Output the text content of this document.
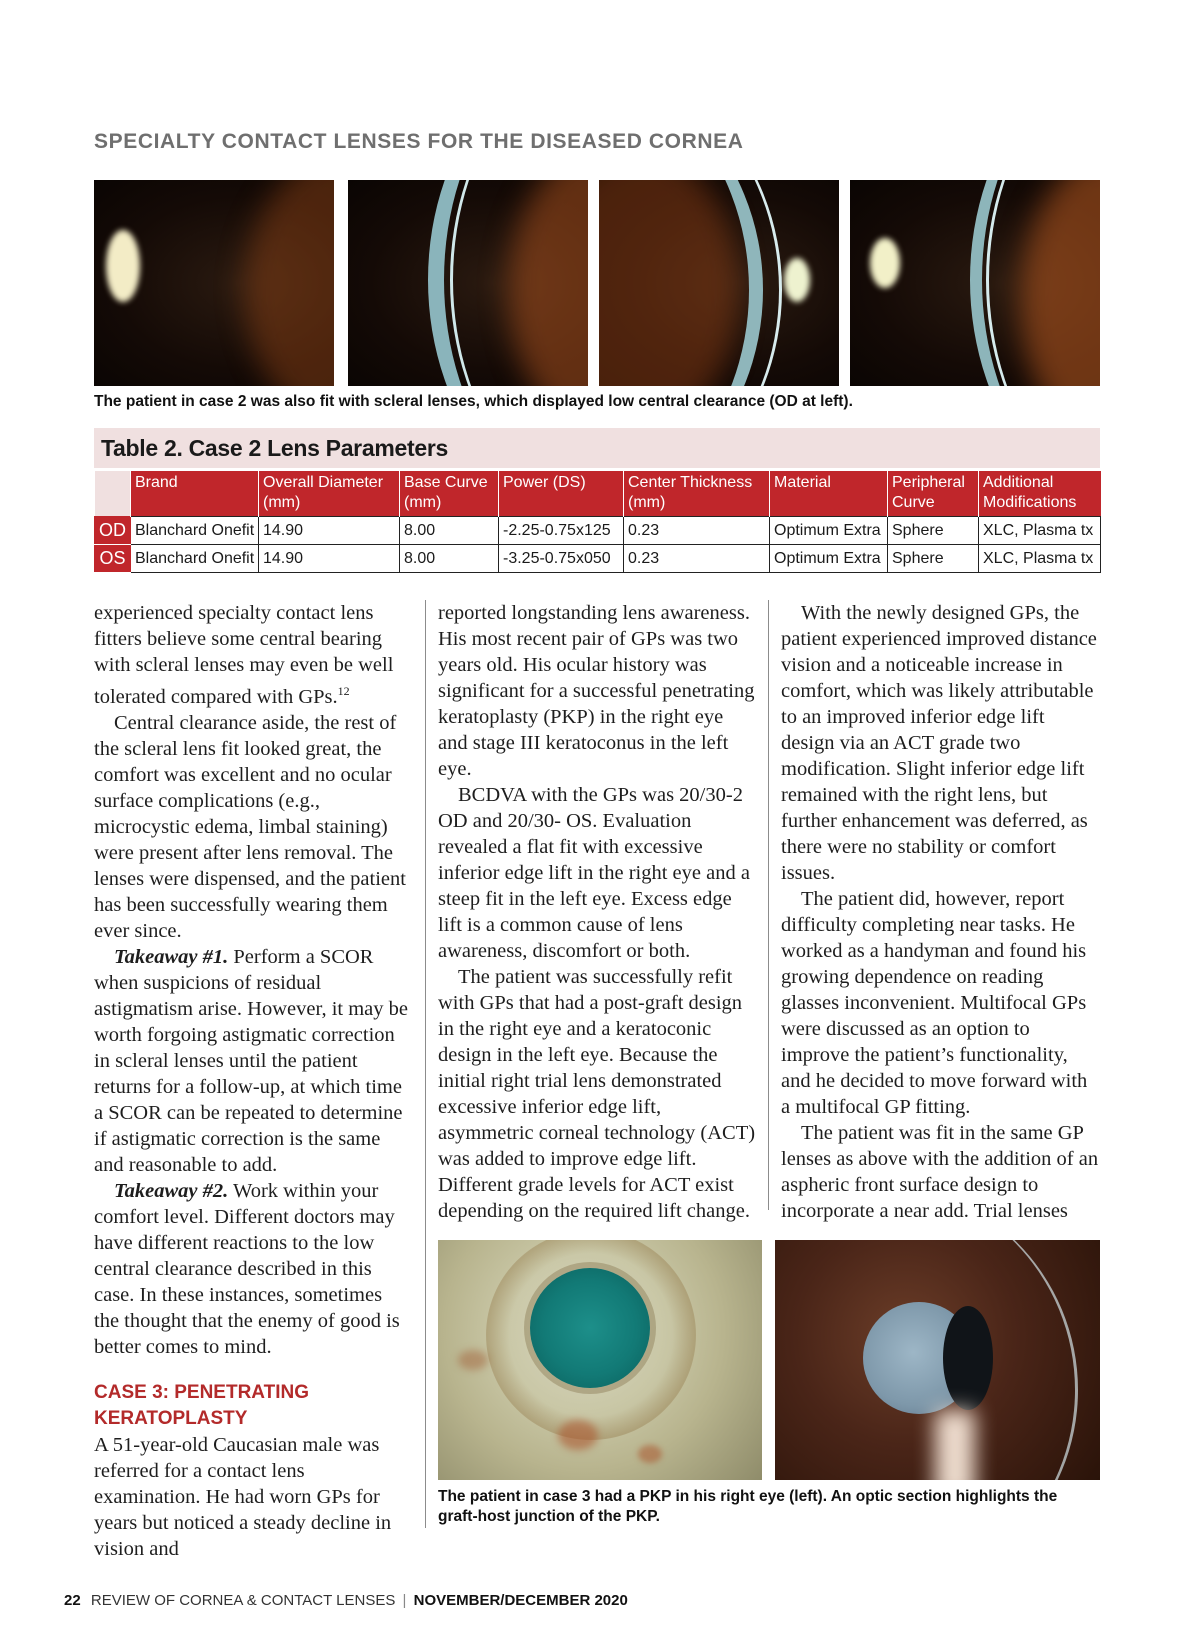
SPECIALTY CONTACT LENSES FOR THE DISEASED CORNEA
The patient in case 2 was also fit with scleral lenses, which displayed low central clearance (OD at left).
Table 2. Case 2 Lens Parameters
	Brand	Overall Diameter (mm)	Base Curve (mm)	Power (DS)	Center Thickness (mm)	Material	Peripheral Curve	Additional Modifications
OD	Blanchard Onefit	14.90	8.00	-2.25-0.75x125	0.23	Optimum Extra	Sphere	XLC, Plasma tx
OS	Blanchard Onefit	14.90	8.00	-3.25-0.75x050	0.23	Optimum Extra	Sphere	XLC, Plasma tx

experienced specialty contact lens fitters believe some central bearing with scleral lenses may even be well tolerated compared with GPs.$^{12}$

Central clearance aside, the rest of the scleral lens fit looked great, the comfort was excellent and no ocular surface complications (e.g., microcystic edema, limbal staining) were present after lens removal. The lenses were dispensed, and the patient has been successfully wearing them ever since.

Takeaway #1. Perform a SCOR when suspicions of residual astigmatism arise. However, it may be worth forgoing astigmatic correction in scleral lenses until the patient returns for a follow-up, at which time a SCOR can be repeated to determine if astigmatic correction is the same and reasonable to add.

Takeaway #2. Work within your comfort level. Different doctors may have different reactions to the low central clearance described in this case. In these instances, sometimes the thought that the enemy of good is better comes to mind.

CASE 3: PENETRATING KERATOPLASTY

A 51-year-old Caucasian male was referred for a contact lens examination. He had worn GPs for years but noticed a steady decline in vision and

reported longstanding lens awareness. His most recent pair of GPs was two years old. His ocular history was significant for a successful penetrating keratoplasty (PKP) in the right eye and stage III keratoconus in the left eye.

BCDVA with the GPs was 20/30-2 OD and 20/30- OS. Evaluation revealed a flat fit with excessive inferior edge lift in the right eye and a steep fit in the left eye. Excess edge lift is a common cause of lens awareness, discomfort or both.

The patient was successfully refit with GPs that had a post-graft design in the right eye and a keratoconic design in the left eye. Because the initial right trial lens demonstrated excessive inferior edge lift, asymmetric corneal technology (ACT) was added to improve edge lift. Different grade levels for ACT exist depending on the required lift change.

With the newly designed GPs, the patient experienced improved distance vision and a noticeable increase in comfort, which was likely attributable to an improved inferior edge lift design via an ACT grade two modification. Slight inferior edge lift remained with the right lens, but further enhancement was deferred, as there were no stability or comfort issues.

The patient did, however, report difficulty completing near tasks. He worked as a handyman and found his growing dependence on reading glasses inconvenient. Multifocal GPs were discussed as an option to improve the patient’s functionality, and he decided to move forward with a multifocal GP fitting.

The patient was fit in the same GP lenses as above with the addition of an aspheric front surface design to incorporate a near add. Trial lenses

The patient in case 3 had a PKP in his right eye (left). An optic section highlights the graft-host junction of the PKP.
22 REVIEW OF CORNEA & CONTACT LENSES | NOVEMBER/DECEMBER 2020
